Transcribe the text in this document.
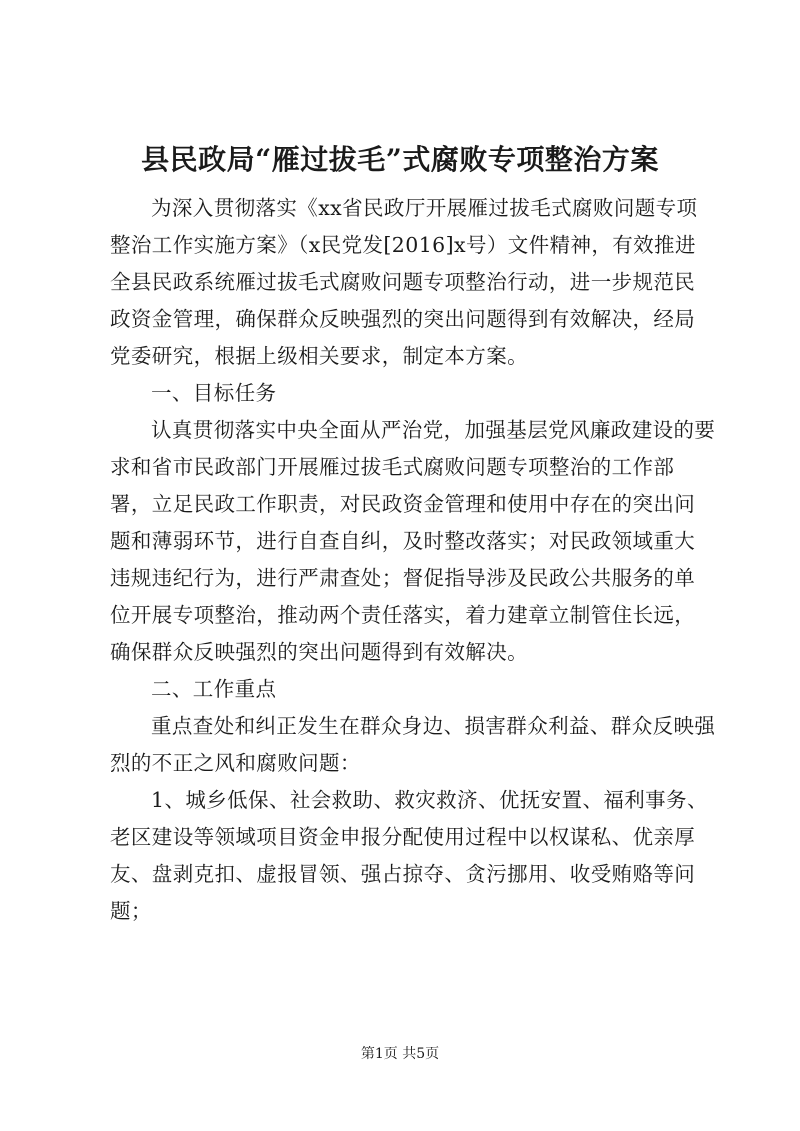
县民政局“雁过拔毛”式腐败专项整治方案

为深入贯彻落实《xx省民政厅开展雁过拔毛式腐败问题专项整治工作实施方案》（x民党发[2016]x号）文件精神，有效推进全县民政系统雁过拔毛式腐败问题专项整治行动，进一步规范民政资金管理，确保群众反映强烈的突出问题得到有效解决，经局党委研究，根据上级相关要求，制定本方案。

一、目标任务

认真贯彻落实中央全面从严治党，加强基层党风廉政建设的要求和省市民政部门开展雁过拔毛式腐败问题专项整治的工作部署，立足民政工作职责，对民政资金管理和使用中存在的突出问题和薄弱环节，进行自查自纠，及时整改落实；对民政领域重大违规违纪行为，进行严肃查处；督促指导涉及民政公共服务的单位开展专项整治，推动两个责任落实，着力建章立制管住长远，确保群众反映强烈的突出问题得到有效解决。

二、工作重点

重点查处和纠正发生在群众身边、损害群众利益、群众反映强烈的不正之风和腐败问题：

1、城乡低保、社会救助、救灾救济、优抚安置、福利事务、老区建设等领域项目资金申报分配使用过程中以权谋私、优亲厚友、盘剥克扣、虚报冒领、强占掠夺、贪污挪用、收受贿赂等问题；

第1页 共5页
